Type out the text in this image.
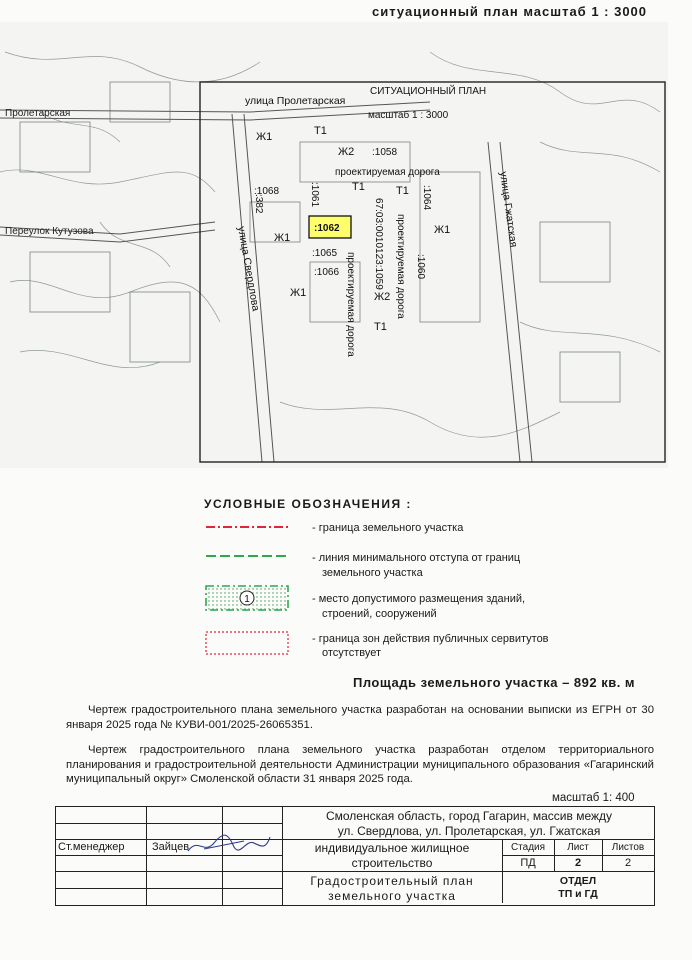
ситуационный план масштаб 1 : 3000
Пролетарская
улица Пролетарская
Переулок Кутузова	улица Свердлова
улица Гжатская
СИТУАЦИОННЫЙ ПЛАН
масштаб 1 : 3000
Ж1	Т1
Ж2
Т1	Т1
Ж1
Ж1
Ж1	Ж2
Т1
проектируемая дорога
проектируемая дорога	проектируемая дорога
:1058
:1068	:1061	:1064
:382	67:03:0010123:1059
:1065
:1066	:1060
:1062
УСЛОВНЫЕ ОБОЗНАЧЕНИЯ :
- граница земельного участка
- линия минимального отступа от границ
земельного участка
1	- место допустимого размещения зданий,
строений, сооружений
- граница зон действия публичных сервитутов
отсутствует
Площадь земельного участка – 892 кв. м
Чертеж градостроительного плана земельного участка разработан на основании выписки из ЕГРН от 30 января 2025 года № КУВИ-001/2025-26065351.
Чертеж градостроительного плана земельного участка разработан отделом территориального планирования и градостроительной деятельности Администрации муниципального образования «Гагаринский муниципальный округ» Смоленской области 31 января 2025 года.
масштаб 1: 400
Смоленская область, город Гагарин, массив между
ул. Свердлова, ул. Пролетарская, ул. Гжатская
Ст.менеджер	Зайцев	индивидуальное жилищное
строительство
Стадия	Лист	Листов
ПД	2	2
Градостроительный план
земельного участка
ОТДЕЛ
ТП и ГД
